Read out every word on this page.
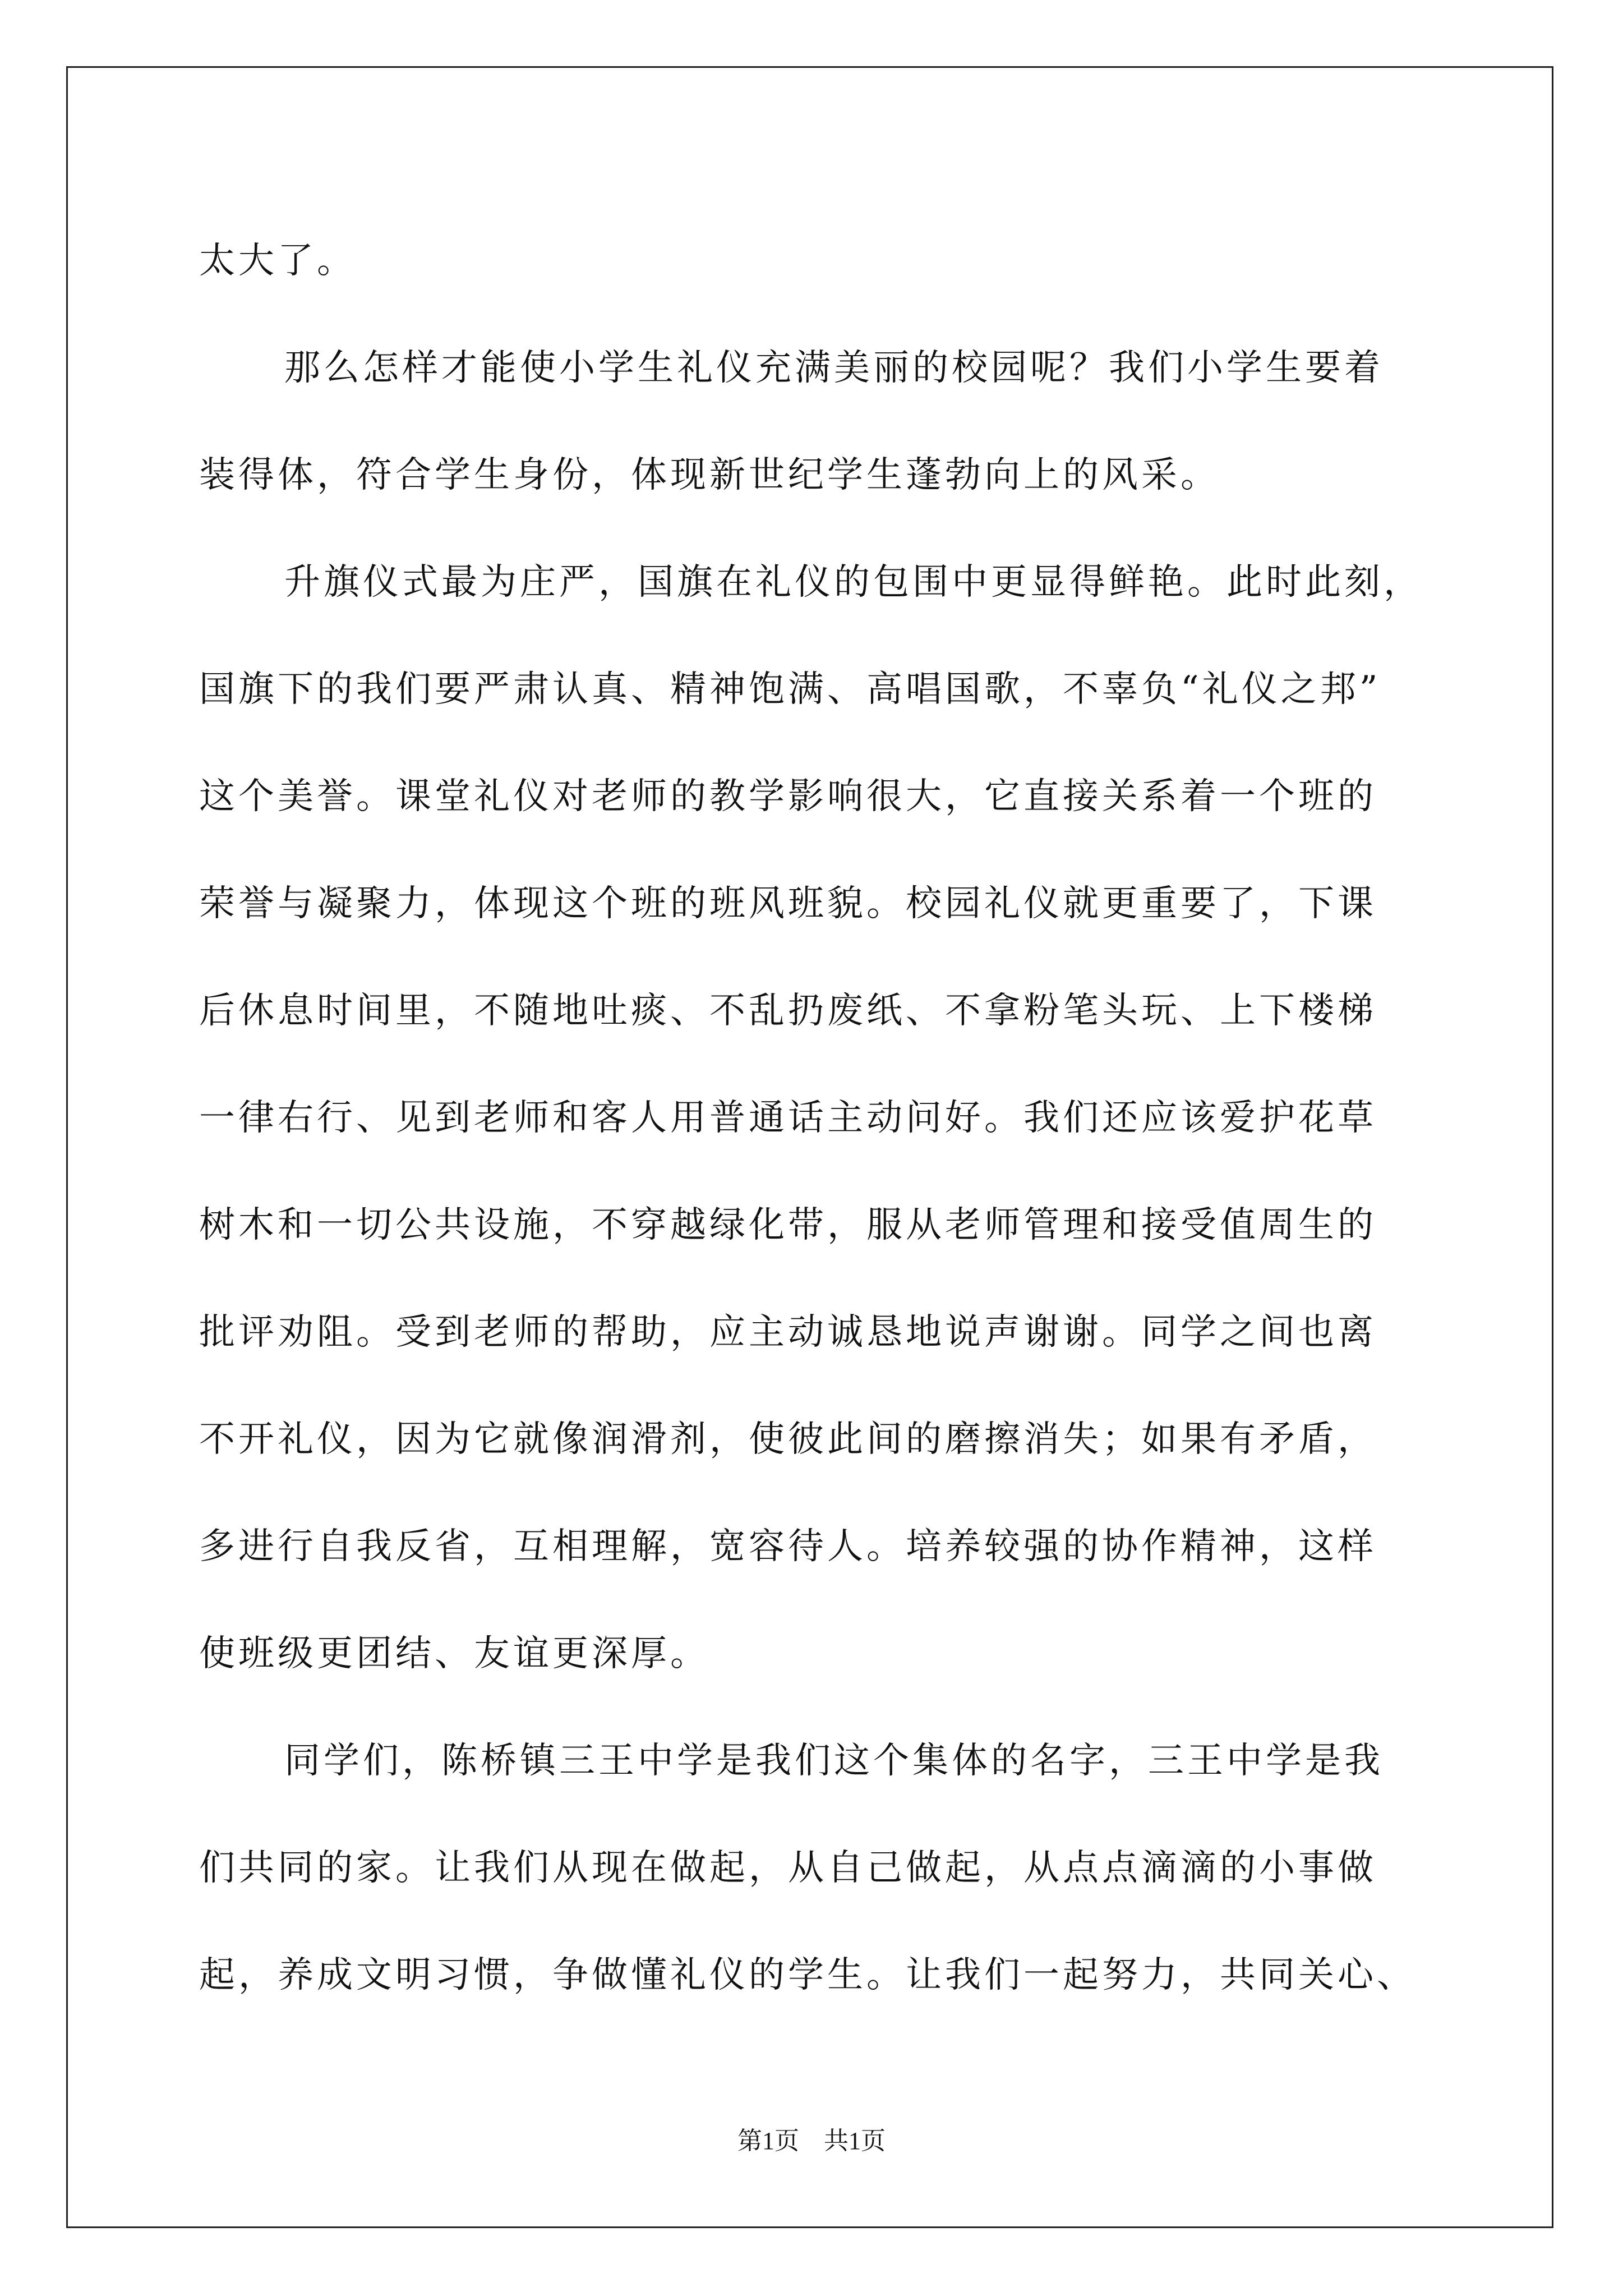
太大了。
那么怎样才能使小学生礼仪充满美丽的校园呢？我们小学生要着
装得体，符合学生身份，体现新世纪学生蓬勃向上的风采。
升旗仪式最为庄严，国旗在礼仪的包围中更显得鲜艳。此时此刻，
国旗下的我们要严肃认真、精神饱满、高唱国歌，不辜负“礼仪之邦”
这个美誉。课堂礼仪对老师的教学影响很大，它直接关系着一个班的
荣誉与凝聚力，体现这个班的班风班貌。校园礼仪就更重要了，下课
后休息时间里，不随地吐痰、不乱扔废纸、不拿粉笔头玩、上下楼梯
一律右行、见到老师和客人用普通话主动问好。我们还应该爱护花草
树木和一切公共设施，不穿越绿化带，服从老师管理和接受值周生的
批评劝阻。受到老师的帮助，应主动诚恳地说声谢谢。同学之间也离
不开礼仪，因为它就像润滑剂，使彼此间的磨擦消失；如果有矛盾，
多进行自我反省，互相理解，宽容待人。培养较强的协作精神，这样
使班级更团结、友谊更深厚。
同学们，陈桥镇三王中学是我们这个集体的名字，三王中学是我
们共同的家。让我们从现在做起，从自己做起，从点点滴滴的小事做
起，养成文明习惯，争做懂礼仪的学生。让我们一起努力，共同关心、
第1页　共1页
